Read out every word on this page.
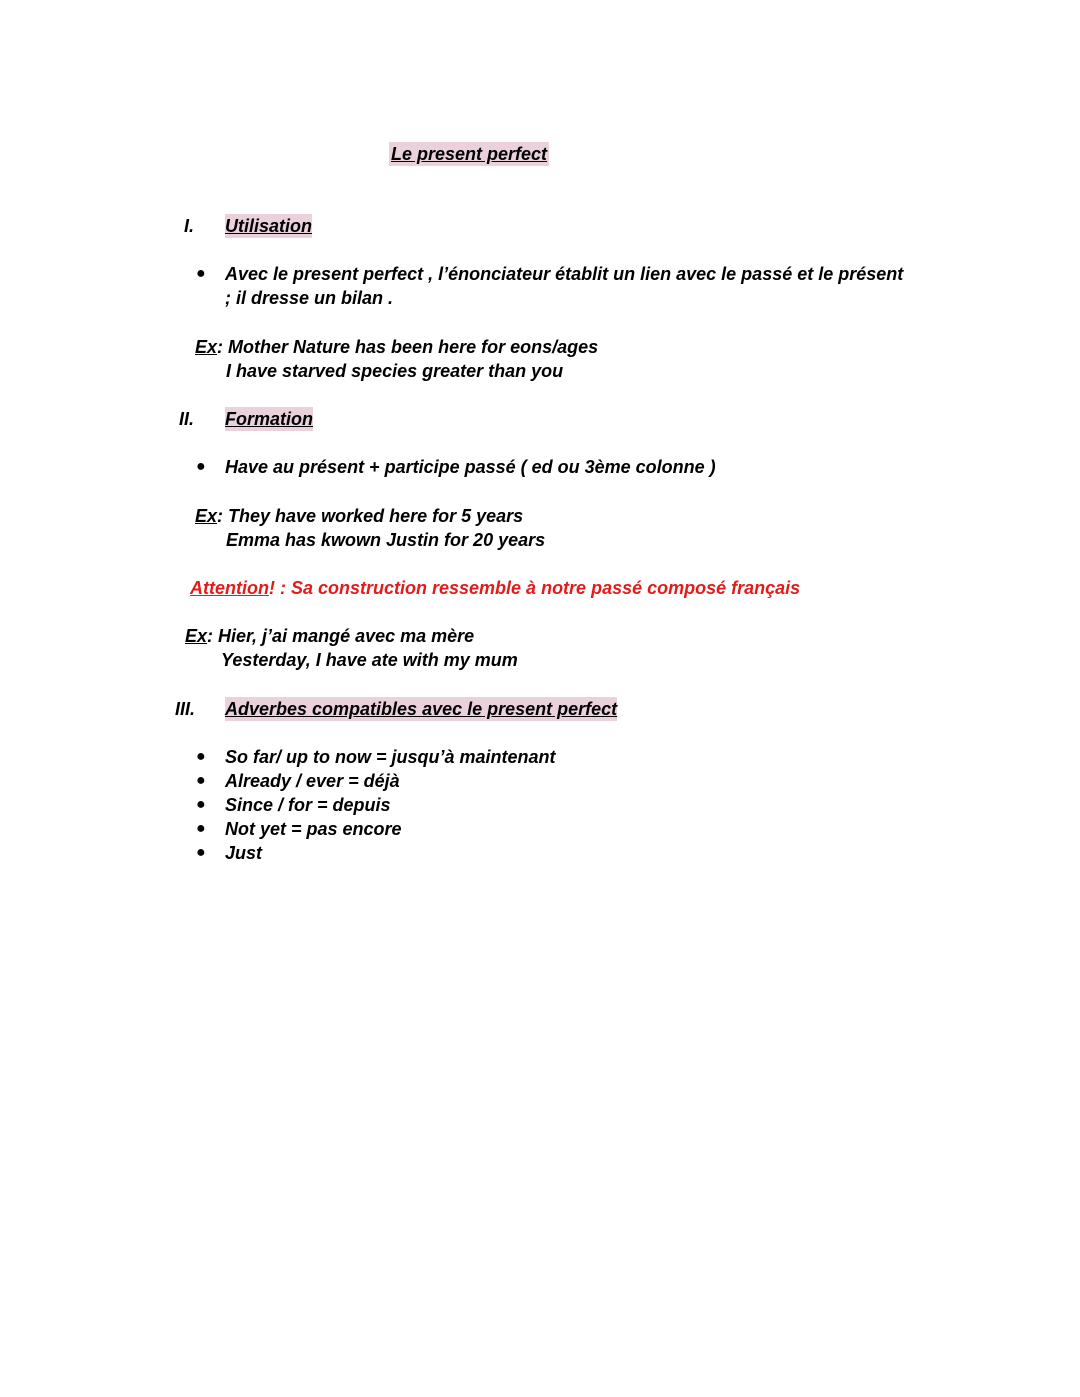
Le present perfect
I. Utilisation
● Avec le present perfect , l’énonciateur établit un lien avec le passé et le présent
; il dresse un bilan .
Ex: Mother Nature has been here for eons/ages
I have starved species greater than you
II. Formation
● Have au présent + participe passé ( ed ou 3ème colonne )
Ex: They have worked here for 5 years
Emma has kwown Justin for 20 years
Attention! : Sa construction ressemble à notre passé composé français
Ex: Hier, j’ai mangé avec ma mère
Yesterday, I have ate with my mum
III. Adverbes compatibles avec le present perfect
● So far/ up to now = jusqu’à maintenant
● Already / ever = déjà
● Since / for = depuis
● Not yet = pas encore
● Just
